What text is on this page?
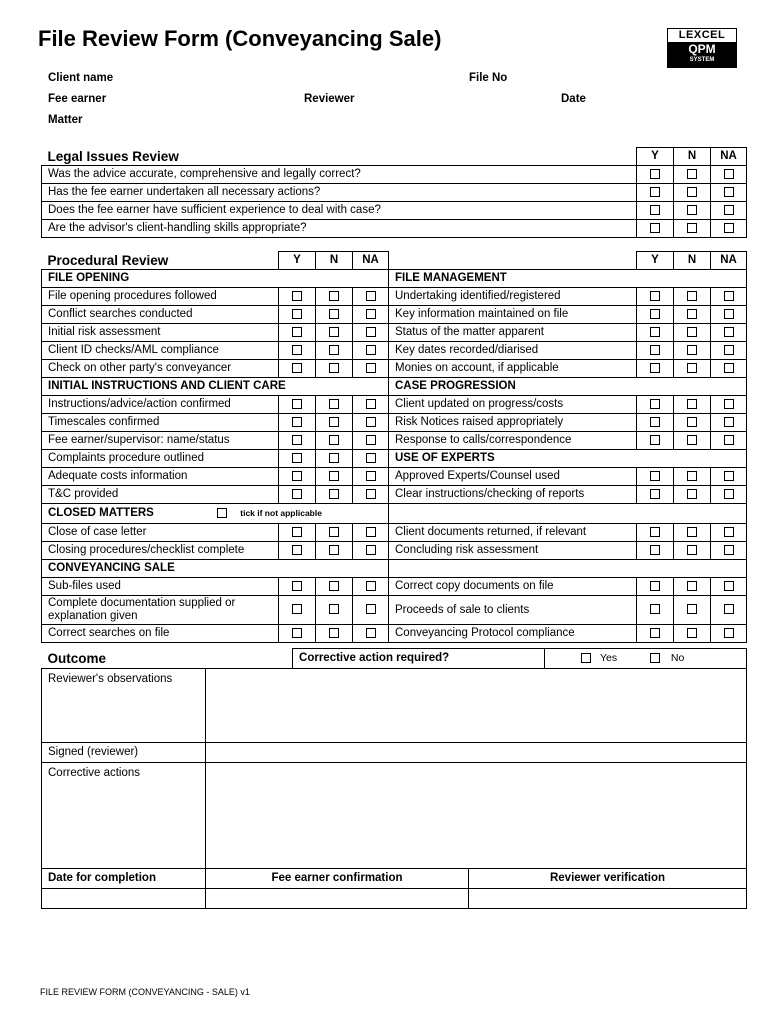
File Review Form (Conveyancing Sale)	LEXCEL
QPM
SYSTEM
Client name	File No
Fee earner	Reviewer	Date
Matter
Legal Issues Review	Y	N	NA
Was the advice accurate, comprehensive and legally correct?			
Has the fee earner undertaken all necessary actions?			
Does the fee earner have sufficient experience to deal with case?			
Are the advisor's client-handling skills appropriate?			
Procedural Review	Y	N	NA		Y	N	NA
FILE OPENING				FILE MANAGEMENT			
File opening procedures followed				Undertaking identified/registered			
Conflict searches conducted				Key information maintained on file			
Initial risk assessment				Status of the matter apparent			
Client ID checks/AML compliance				Key dates recorded/diarised			
Check on other party's conveyancer				Monies on account, if applicable			
INITIAL INSTRUCTIONS AND CLIENT CARE				CASE PROGRESSION			
Instructions/advice/action confirmed				Client updated on progress/costs			
Timescales confirmed				Risk Notices raised appropriately			
Fee earner/supervisor: name/status				Response to calls/correspondence			
Complaints procedure outlined				USE OF EXPERTS			
Adequate costs information				Approved Experts/Counsel used			
T&C provided				Clear instructions/checking of reports			
CLOSED MATTERS tick if not applicable							
Close of case letter				Client documents returned, if relevant			
Closing procedures/checklist complete				Concluding risk assessment			
CONVEYANCING SALE							
Sub-files used				Correct copy documents on file			
Complete documentation supplied or explanation given				Proceeds of sale to clients			
Correct searches on file				Conveyancing Protocol compliance			
Outcome		Corrective action required?		Yes No
Reviewer's observations				
Signed (reviewer)				
Corrective actions				
Date for completion	Fee earner confirmation		Reviewer verification	

FILE REVIEW FORM (CONVEYANCING - SALE) v1
